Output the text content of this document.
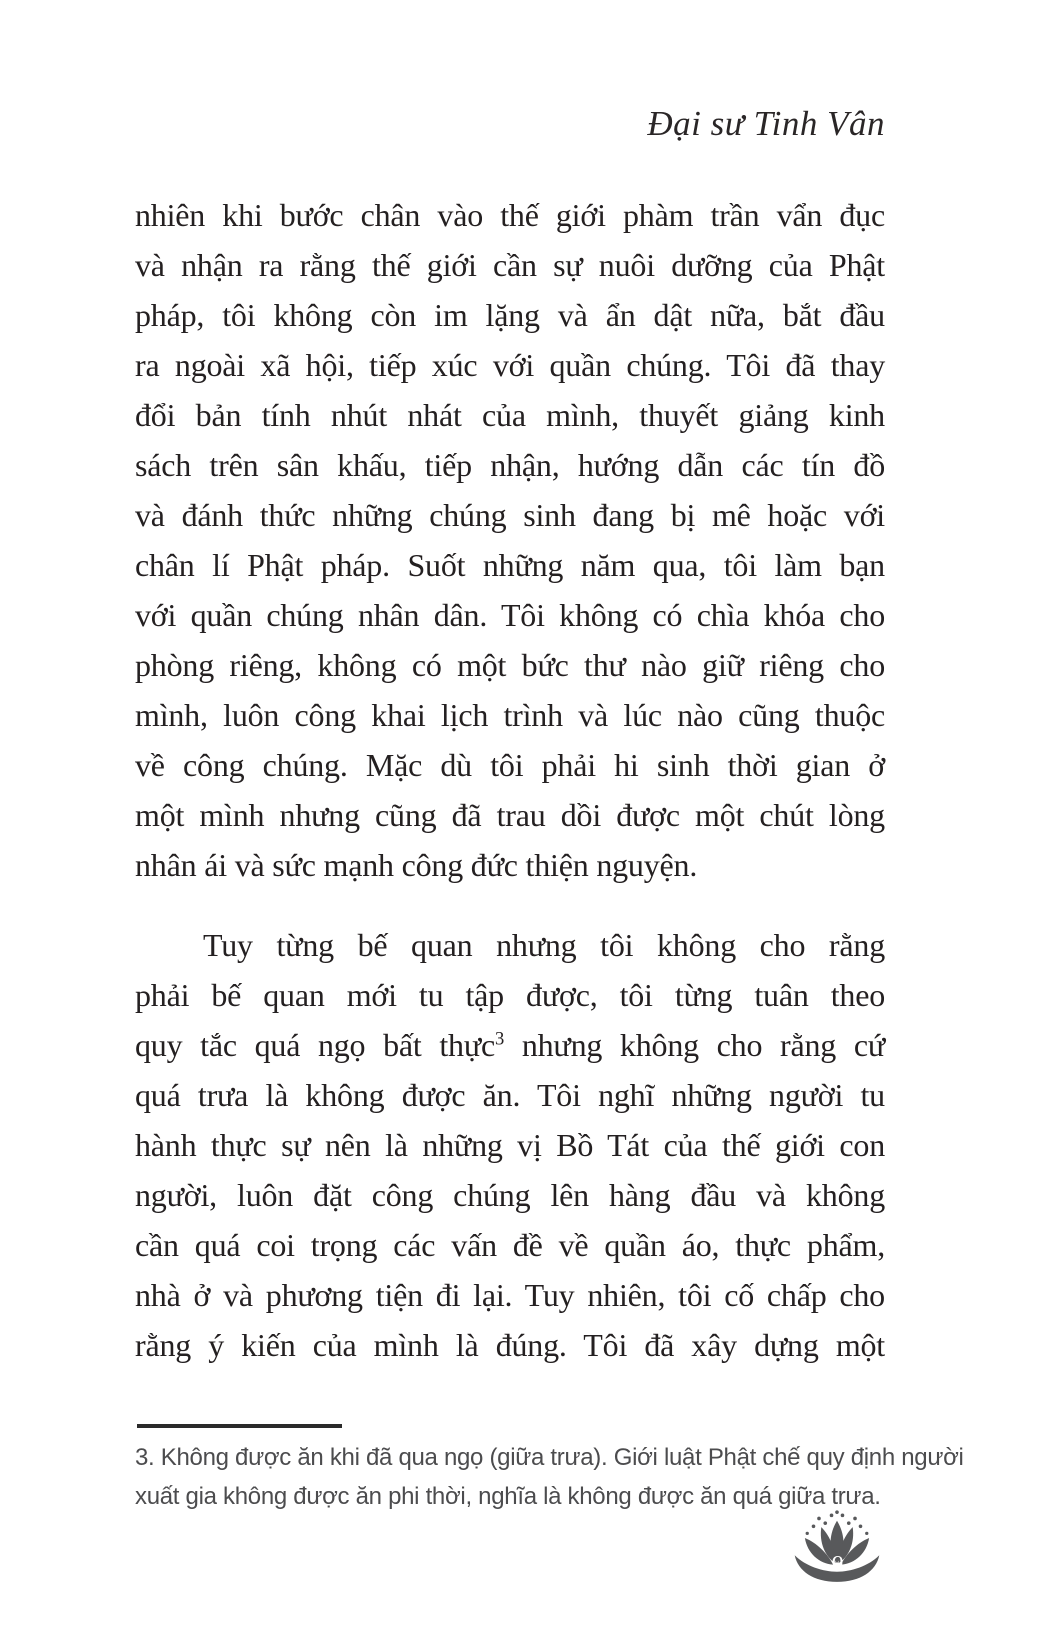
Đại sư Tinh Vân
nhiên khi bước chân vào thế giới phàm trần vẩn đục
và nhận ra rằng thế giới cần sự nuôi dưỡng của Phật
pháp, tôi không còn im lặng và ẩn dật nữa, bắt đầu
ra ngoài xã hội, tiếp xúc với quần chúng. Tôi đã thay
đổi bản tính nhút nhát của mình, thuyết giảng kinh
sách trên sân khấu, tiếp nhận, hướng dẫn các tín đồ
và đánh thức những chúng sinh đang bị mê hoặc với
chân lí Phật pháp. Suốt những năm qua, tôi làm bạn
với quần chúng nhân dân. Tôi không có chìa khóa cho
phòng riêng, không có một bức thư nào giữ riêng cho
mình, luôn công khai lịch trình và lúc nào cũng thuộc
về công chúng. Mặc dù tôi phải hi sinh thời gian ở
một mình nhưng cũng đã trau dồi được một chút lòng
nhân ái và sức mạnh công đức thiện nguyện.
Tuy từng bế quan nhưng tôi không cho rằng
phải bế quan mới tu tập được, tôi từng tuân theo
quy tắc quá ngọ bất thực$^3$ nhưng không cho rằng cứ
quá trưa là không được ăn. Tôi nghĩ những người tu
hành thực sự nên là những vị Bồ Tát của thế giới con
người, luôn đặt công chúng lên hàng đầu và không
cần quá coi trọng các vấn đề về quần áo, thực phẩm,
nhà ở và phương tiện đi lại. Tuy nhiên, tôi cố chấp cho
rằng ý kiến của mình là đúng. Tôi đã xây dựng một
3. Không được ăn khi đã qua ngọ (giữa trưa). Giới luật Phật chế quy định người
xuất gia không được ăn phi thời, nghĩa là không được ăn quá giữa trưa.
9
